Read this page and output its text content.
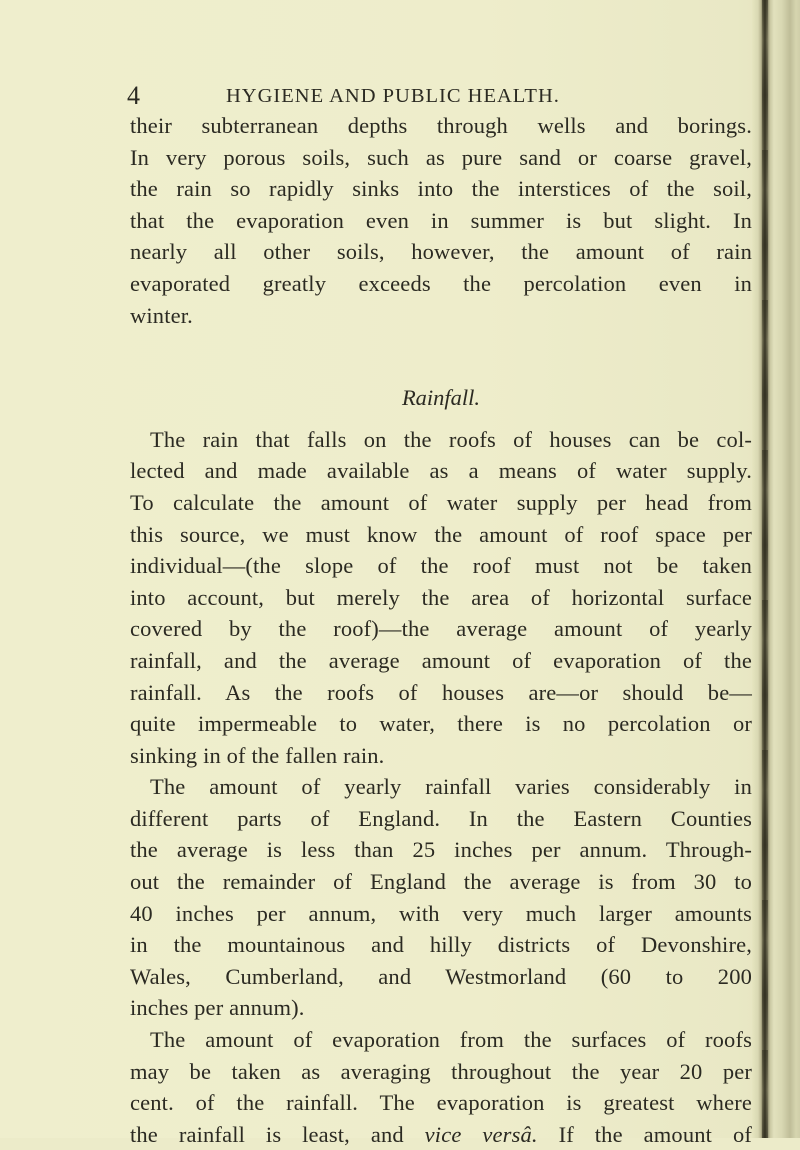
4	HYGIENE AND PUBLIC HEALTH.
their subterranean depths through wells and borings.
In very porous soils, such as pure sand or coarse gravel,
the rain so rapidly sinks into the interstices of the soil,
that the evaporation even in summer is but slight. In
nearly all other soils, however, the amount of rain
evaporated greatly exceeds the percolation even in
winter.
Rainfall.
The rain that falls on the roofs of houses can be col-
lected and made available as a means of water supply.
To calculate the amount of water supply per head from
this source, we must know the amount of roof space per
individual—(the slope of the roof must not be taken
into account, but merely the area of horizontal surface
covered by the roof)—the average amount of yearly
rainfall, and the average amount of evaporation of the
rainfall. As the roofs of houses are—or should be—
quite impermeable to water, there is no percolation or
sinking in of the fallen rain.
The amount of yearly rainfall varies considerably in
different parts of England. In the Eastern Counties
the average is less than 25 inches per annum. Through-
out the remainder of England the average is from 30 to
40 inches per annum, with very much larger amounts
in the mountainous and hilly districts of Devonshire,
Wales, Cumberland, and Westmorland (60 to 200
inches per annum).
The amount of evaporation from the surfaces of roofs
may be taken as averaging throughout the year 20 per
cent. of the rainfall. The evaporation is greatest where
the rainfall is least, and vice versâ. If the amount of
